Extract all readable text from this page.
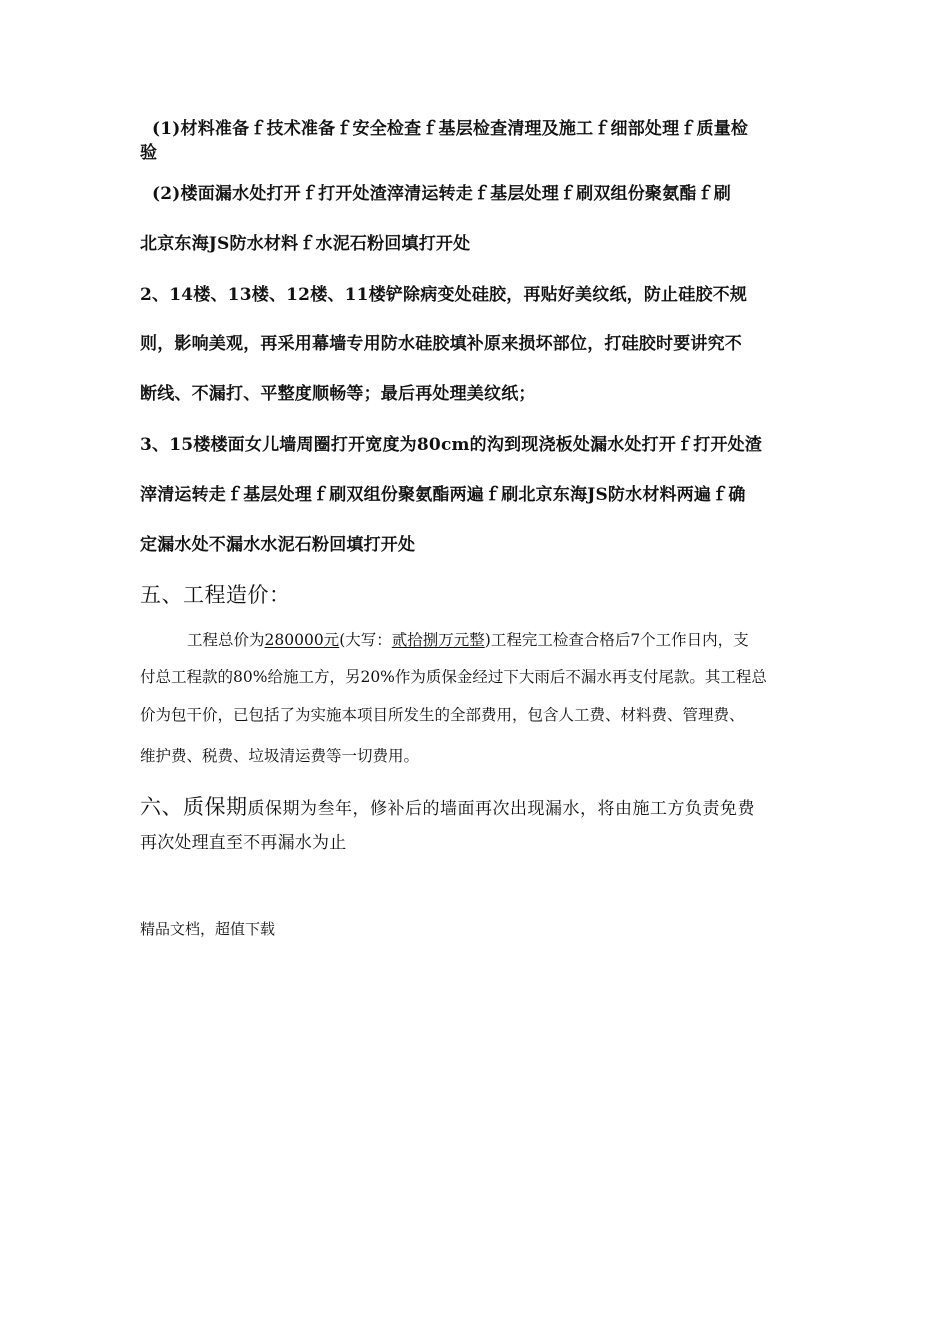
(1)材料准备ｆ技术准备ｆ安全检查ｆ基层检查清理及施工ｆ细部处理ｆ质量检
验
(2)楼面漏水处打开ｆ打开处渣滓清运转走ｆ基层处理ｆ刷双组份聚氨酯ｆ刷
北京东海JS防水材料ｆ水泥石粉回填打开处
2、14楼、13楼、12楼、11楼铲除病变处硅胶，再贴好美纹纸，防止硅胶不规
则，影响美观，再采用幕墙专用防水硅胶填补原来损坏部位，打硅胶时要讲究不
断线、不漏打、平整度顺畅等；最后再处理美纹纸；
3、15楼楼面女儿墙周圈打开宽度为80cm的沟到现浇板处漏水处打开ｆ打开处渣
滓清运转走ｆ基层处理ｆ刷双组份聚氨酯两遍ｆ刷北京东海JS防水材料两遍ｆ确
定漏水处不漏水水泥石粉回填打开处
五、工程造价：
工程总价为280000元(大写：贰拾捌万元整)工程完工检查合格后7个工作日内，支
付总工程款的80%给施工方，另20%作为质保金经过下大雨后不漏水再支付尾款。其工程总
价为包干价，已包括了为实施本项目所发生的全部费用，包含人工费、材料费、管理费、
维护费、税费、垃圾清运费等一切费用。
六、质保期质保期为叁年，修补后的墙面再次出现漏水，将由施工方负责免费
再次处理直至不再漏水为止
精品文档，超值下载
